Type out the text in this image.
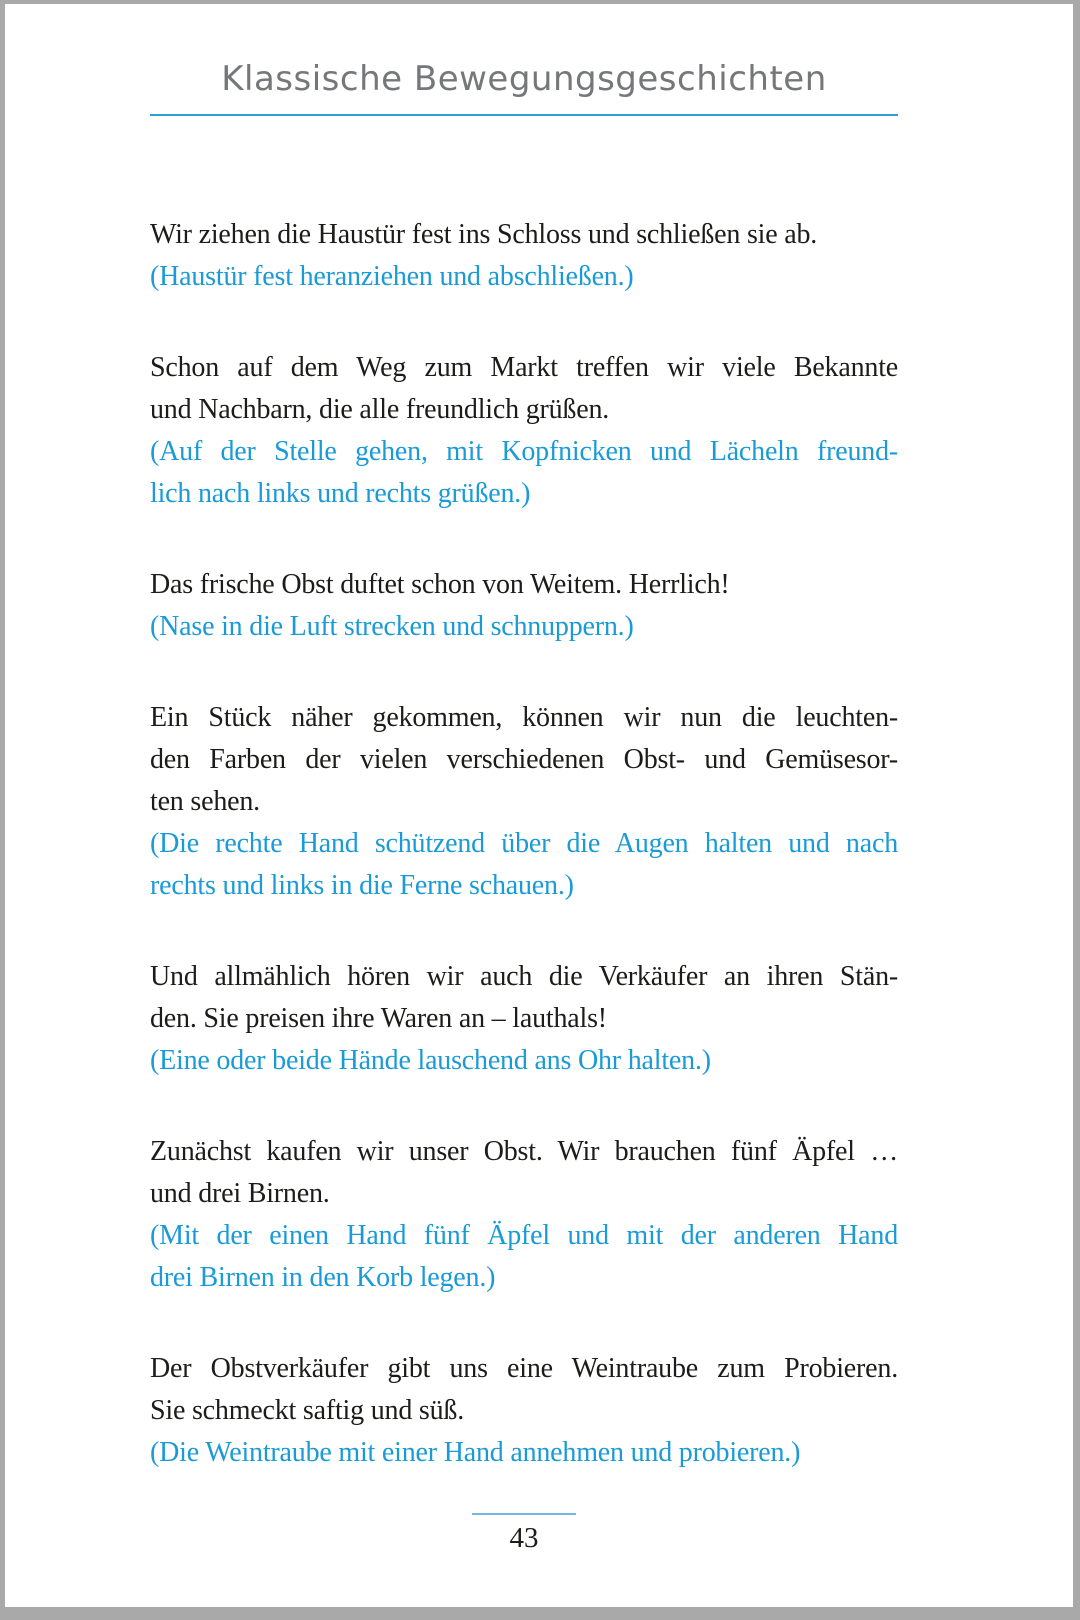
Klassische Bewegungsgeschichten
Wir ziehen die Haustür fest ins Schloss und schließen sie ab.
(Haustür fest heranziehen und abschließen.)
Schon auf dem Weg zum Markt treffen wir viele Bekannte
und Nachbarn, die alle freundlich grüßen.
(Auf der Stelle gehen, mit Kopfnicken und Lächeln freund-
lich nach links und rechts grüßen.)
Das frische Obst duftet schon von Weitem. Herrlich!
(Nase in die Luft strecken und schnuppern.)
Ein Stück näher gekommen, können wir nun die leuchten-
den Farben der vielen verschiedenen Obst- und Gemüsesor-
ten sehen.
(Die rechte Hand schützend über die Augen halten und nach
rechts und links in die Ferne schauen.)
Und allmählich hören wir auch die Verkäufer an ihren Stän-
den. Sie preisen ihre Waren an – lauthals!
(Eine oder beide Hände lauschend ans Ohr halten.)
Zunächst kaufen wir unser Obst. Wir brauchen fünf Äpfel …
und drei Birnen.
(Mit der einen Hand fünf Äpfel und mit der anderen Hand
drei Birnen in den Korb legen.)
Der Obstverkäufer gibt uns eine Weintraube zum Probieren.
Sie schmeckt saftig und süß.
(Die Weintraube mit einer Hand annehmen und probieren.)
43
